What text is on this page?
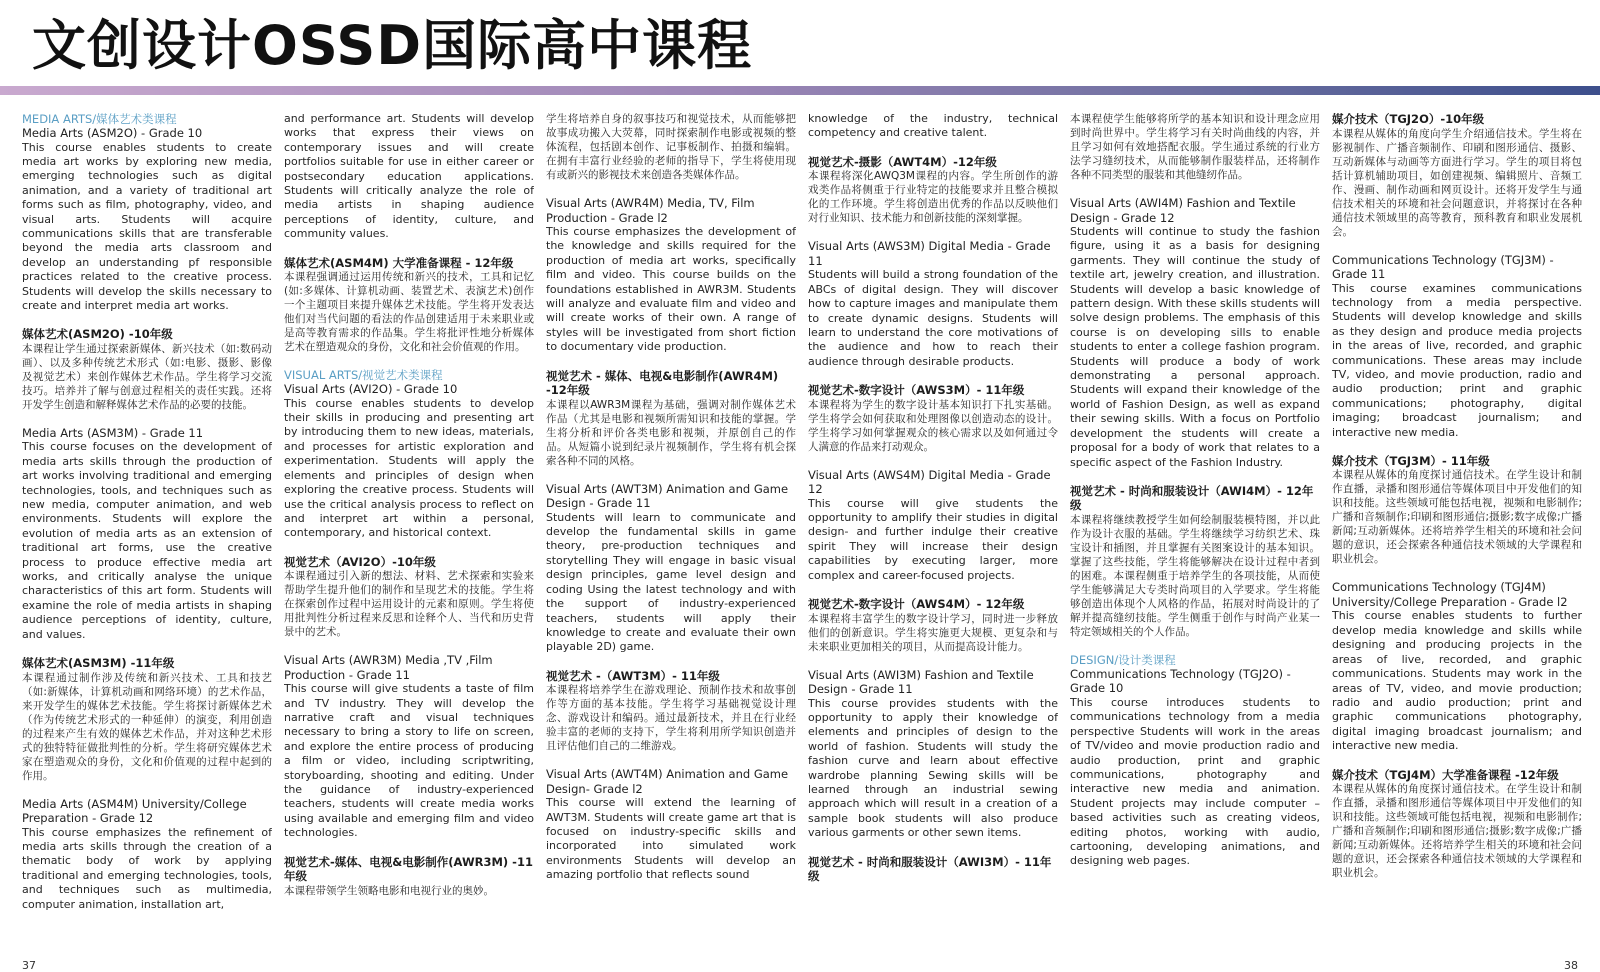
文创设计OSSD国际高中课程
MEDIA ARTS/媒体艺术类课程
Media Arts (ASM2O) - Grade 10

This course enables students to create media art works by exploring new media, emerging technologies such as digital animation, and a variety of traditional art forms such as film, photography, video, and visual arts. Students will acquire communications skills that are transferable beyond the media arts classroom and develop an understanding pf responsible practices related to the creative process. Students will develop the skills necessary to create and interpret media art works.

媒体艺术(ASM2O) -10年级

本课程让学生通过探索新媒体、新兴技术（如:数码动画）、以及多种传统艺术形式（如:电影、摄影、影像及视觉艺术）来创作媒体艺术作品。学生将学习交流技巧。培养并了解与创意过程相关的责任实践。还将开发学生创造和解释媒体艺术作品的必要的技能。

Media Arts (ASM3M) - Grade 11

This course focuses on the development of media arts skills through the production of art works involving traditional and emerging technologies, tools, and techniques such as new media, computer animation, and web environments. Students will explore the evolution of media arts as an extension of traditional art forms, use the creative process to produce effective media art works, and critically analyse the unique characteristics of this art form. Students will examine the role of media artists in shaping audience perceptions of identity, culture, and values.

媒体艺术(ASM3M) -11年级

本课程通过制作涉及传统和新兴技术、工具和技艺（如:新媒体，计算机动画和网络环境）的艺术作品， 来开发学生的媒体艺术技能。学生将探讨新媒体艺术（作为传统艺术形式的一种延伸）的演变，利用创造的过程来产生有效的媒体艺术作品，并对这种艺术形式的独特特征做批判性的分析。学生将研究媒体艺术家在塑造观众的身份，文化和价值观的过程中起到的作用。

Media Arts (ASM4M) University/College Preparation - Grade 12

This course emphasizes the refinement of media arts skills through the creation of a thematic body of work by applying traditional and emerging technologies, tools, and techniques such as multimedia, computer animation, installation art,

and performance art. Students will develop works that express their views on contemporary issues and will create portfolios suitable for use in either career or postsecondary education applications. Students will critically analyze the role of media artists in shaping audience perceptions of identity, culture, and community values.

媒体艺术(ASM4M) 大学准备课程 - 12年级

本课程强调通过运用传统和新兴的技术，工具和记忆(如:多媒体、计算机动画、装置艺术、表演艺术)创作一个主题项目来提升媒体艺术技能。学生将开发表达他们对当代问题的看法的作品创建适用于未来职业或是高等教育需求的作品集。学生将批评性地分析媒体艺术在塑造观众的身份，文化和社会价值观的作用。

VISUAL ARTS/视觉艺术类课程
Visual Arts (AVI2O) - Grade 10

This course enables students to develop their skills in producing and presenting art by introducing them to new ideas, materials, and processes for artistic exploration and experimentation. Students will apply the elements and principles of design when exploring the creative process. Students will use the critical analysis process to reflect on and interpret art within a personal, contemporary, and historical context.

视觉艺术（AVI2O）-10年级

本课程通过引入新的想法、材料、艺术探索和实验来帮助学生提升他们的制作和呈现艺术的技能。学生将在探索创作过程中运用设计的元素和原则。学生将使用批判性分析过程来反思和诠释个人、当代和历史背景中的艺术。

Visual Arts (AWR3M) Media ,TV ,Film Production - Grade 11

This course will give students a taste of film and TV industry. They will develop the narrative craft and visual techniques necessary to bring a story to life on screen, and explore the entire process of producing a film or video, including scriptwriting, storyboarding, shooting and editing. Under the guidance of industry-experienced teachers, students will create media works using available and emerging film and video technologies.

视觉艺术-媒体、电视&电影制作(AWR3M) -11年级

本课程带领学生领略电影和电视行业的奥妙。

学生将培养自身的叙事技巧和视觉技术，从而能够把故事成功搬入大荧幕，同时探索制作电影或视频的整体流程，包括剧本创作、记事板制作、拍摄和编辑。在拥有丰富行业经验的老师的指导下，学生将使用现有或新兴的影视技术来创造各类媒体作品。

Visual Arts (AWR4M) Media, TV, Film Production - Grade l2

This course emphasizes the development of the knowledge and skills required for the production of media art works, specifically film and video. This course builds on the foundations established in AWR3M. Students will analyze and evaluate film and video and will create works of their own. A range of styles will be investigated from short fiction to documentary vide production.

视觉艺术 - 媒体、电视&电影制作(AWR4M) -12年级

本课程以AWR3M课程为基础，强调对制作媒体艺术作品（尤其是电影和视频所需知识和技能的掌握。学生将分析和评价各类电影和视频，并原创自己的作品。从短篇小说到纪录片视频制作，学生将有机会探索各种不同的风格。

Visual Arts (AWT3M) Animation and Game Design - Grade 11

Students will learn to communicate and develop the fundamental skills in game theory, pre-production techniques and storytelling They will engage in basic visual design principles, game level design and coding Using the latest technology and with the support of industry-experienced teachers, students will apply their knowledge to create and evaluate their own playable 2D) game.

视觉艺术 -（AWT3M）- 11年级

本课程将培养学生在游戏理论、预制作技术和故事创作等方面的基本技能。学生将学习基础视觉设计理念、游戏设计和编码。通过最新技术，并且在行业经验丰富的老师的支持下，学生将利用所学知识创造并且评估他们自己的二维游戏。

Visual Arts (AWT4M) Animation and Game Design- Grade l2

This course will extend the learning of AWT3M. Students will create game art that is focused on industry-specific skills and incorporated into simulated work environments Students will develop an amazing portfolio that reflects sound

knowledge of the industry, technical competency and creative talent.

视觉艺术-摄影（AWT4M）-12年级

本课程将深化AWQ3M课程的内容。学生所创作的游戏类作品将侧重于行业特定的技能要求并且整合模拟化的工作环境。学生将创造出优秀的作品以反映他们对行业知识、技术能力和创新技能的深刻掌握。

Visual Arts (AWS3M) Digital Media - Grade 11

Students will build a strong foundation of the ABCs of digital design. They will discover how to capture images and manipulate them to create dynamic designs. Students will learn to understand the core motivations of the audience and how to reach their audience through desirable products.

视觉艺术-数字设计（AWS3M）- 11年级

本课程将为学生的数字设计基本知识打下扎实基础。学生将学会如何获取和处理图像以创造动态的设计。学生将学习如何掌握观众的核心需求以及如何通过令人满意的作品来打动观众。

Visual Arts (AWS4M) Digital Media - Grade 12

This course will give students the opportunity to amplify their studies in digital design- and further indulge their creative spirit They will increase their design capabilities by executing larger, more complex and career-focused projects.

视觉艺术-数字设计（AWS4M）- 12年级

本课程将丰富学生的数字设计学习，同时进一步释放他们的创新意识。学生将实施更大规模、更复杂和与未来职业更加相关的项目，从而提高设计能力。

Visual Arts (AWI3M) Fashion and Textile Design - Grade 11

This course provides students with the opportunity to apply their knowledge of elements and principles of design to the world of fashion. Students will study the fashion curve and learn about effective wardrobe planning Sewing skills will be learned through an industrial sewing approach which will result in a creation of a sample book students will also produce various garments or other sewn items.

视觉艺术 - 时尚和服装设计（AWI3M）- 11年级

本课程使学生能够将所学的基本知识和设计理念应用到时尚世界中。学生将学习有关时尚曲线的内容，并且学习如何有效地搭配衣服。学生通过系统的行业方法学习缝纫技术，从而能够制作服装样品，还将制作各种不同类型的服装和其他缝纫作品。

Visual Arts (AWI4M) Fashion and Textile Design - Grade 12

Students will continue to study the fashion figure, using it as a basis for designing garments. They will continue the study of textile art, jewelry creation, and illustration. Students will develop a basic knowledge of pattern design. With these skills students will solve design problems. The emphasis of this course is on developing sills to enable students to enter a college fashion program. Students will produce a body of work demonstrating a personal approach. Students will expand their knowledge of the world of Fashion Design, as well as expand their sewing skills. With a focus on Portfolio development the students will create a proposal for a body of work that relates to a specific aspect of the Fashion Industry.

视觉艺术 - 时尚和服装设计（AWI4M）- 12年级

本课程将继续教授学生如何绘制服装模特图，并以此作为设计衣服的基础。学生将继续学习纺织艺术、珠宝设计和插图，并且掌握有关图案设计的基本知识。掌握了这些技能，学生将能够解决在设计过程中者到的困难。本课程侧重于培养学生的各项技能，从而使学生能够满足大专类时尚项目的入学要求。学生将能够创造出体现个人风格的作品，拓展对时尚设计的了解并提高缝纫技能。学生侧重于创作与时尚产业某一特定领域相关的个人作品。

DESIGN/设计类课程
Communications Technology (TGJ2O) - Grade 10

This course introduces students to communications technology from a media perspective Students will work in the areas of TV/video and movie production radio and audio production, print and graphic communications, photography and interactive new media and animation. Student projects may include computer – based activities such as creating videos, editing photos, working with audio, cartooning, developing animations, and designing web pages.

媒介技术（TGJ2O）-10年级

本课程从媒体的角度向学生介绍通信技术。学生将在影视制作、广播音频制作、印刷和图形通信、摄影、互动新媒体与动画等方面进行学习。学生的项目将包括计算机辅助项目，如创建视频、编辑照片、音频工作、漫画、制作动画和网页设计。还将开发学生与通信技术相关的环境和社会问题意识，并将探讨在各种通信技术领域里的高等教育，预科教育和职业发展机会。

Communications Technology (TGJ3M) - Grade 11

This course examines communications technology from a media perspective. Students will develop knowledge and skills as they design and produce media projects in the areas of live, recorded, and graphic communications. These areas may include TV, video, and movie production, radio and audio production; print and graphic communications; photography, digital imaging; broadcast journalism; and interactive new media.

媒介技术（TGJ3M）- 11年级

本课程从媒体的角度探讨通信技术。在学生设计和制作直播，录播和图形通信等媒体项目中开发他们的知识和技能。这些领域可能包括电视，视频和电影制作;广播和音频制作;印刷和图形通信;摄影;数字成像;广播新闻;互动新媒体。还将培养学生相关的环境和社会问题的意识，还会探索各种通信技术领域的大学课程和职业机会。

Communications Technology (TGJ4M) University/College Preparation - Grade l2

This course enables students to further develop media knowledge and skills while designing and producing projects in the areas of live, recorded, and graphic communications. Students may work in the areas of TV, video, and movie production; radio and audio production; print and graphic communications photography, digital imaging broadcast journalism; and interactive new media.

媒介技术（TGJ4M）大学准备课程 -12年级

本课程从媒体的角度探讨通信技术。在学生设计和制作直播，录播和图形通信等媒体项目中开发他们的知识和技能。这些领域可能包括电视，视频和电影制作;广播和音频制作;印刷和图形通信;摄影;数字成像;广播新闻;互动新媒体。还将培养学生相关的环境和社会问题的意识，还会探索各种通信技术领域的大学课程和职业机会。

37	38
